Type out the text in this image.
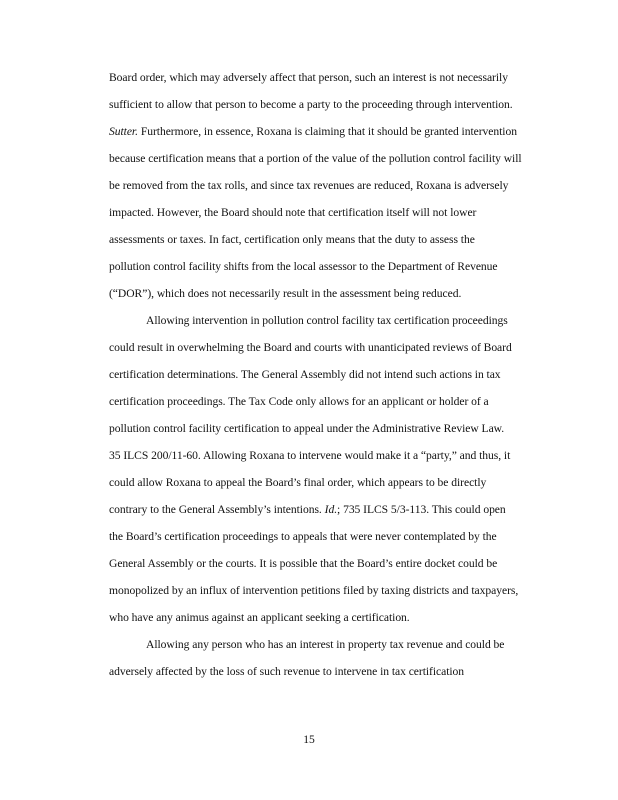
Board order, which may adversely affect that person, such an interest is not necessarily
sufficient to allow that person to become a party to the proceeding through intervention.
Sutter. Furthermore, in essence, Roxana is claiming that it should be granted intervention
because certification means that a portion of the value of the pollution control facility will
be removed from the tax rolls, and since tax revenues are reduced, Roxana is adversely
impacted. However, the Board should note that certification itself will not lower
assessments or taxes. In fact, certification only means that the duty to assess the
pollution control facility shifts from the local assessor to the Department of Revenue
(“DOR”), which does not necessarily result in the assessment being reduced.
Allowing intervention in pollution control facility tax certification proceedings
could result in overwhelming the Board and courts with unanticipated reviews of Board
certification determinations. The General Assembly did not intend such actions in tax
certification proceedings. The Tax Code only allows for an applicant or holder of a
pollution control facility certification to appeal under the Administrative Review Law.
35 ILCS 200/11-60. Allowing Roxana to intervene would make it a “party,” and thus, it
could allow Roxana to appeal the Board’s final order, which appears to be directly
contrary to the General Assembly’s intentions. Id.; 735 ILCS 5/3-113. This could open
the Board’s certification proceedings to appeals that were never contemplated by the
General Assembly or the courts. It is possible that the Board’s entire docket could be
monopolized by an influx of intervention petitions filed by taxing districts and taxpayers,
who have any animus against an applicant seeking a certification.
Allowing any person who has an interest in property tax revenue and could be
adversely affected by the loss of such revenue to intervene in tax certification
15
